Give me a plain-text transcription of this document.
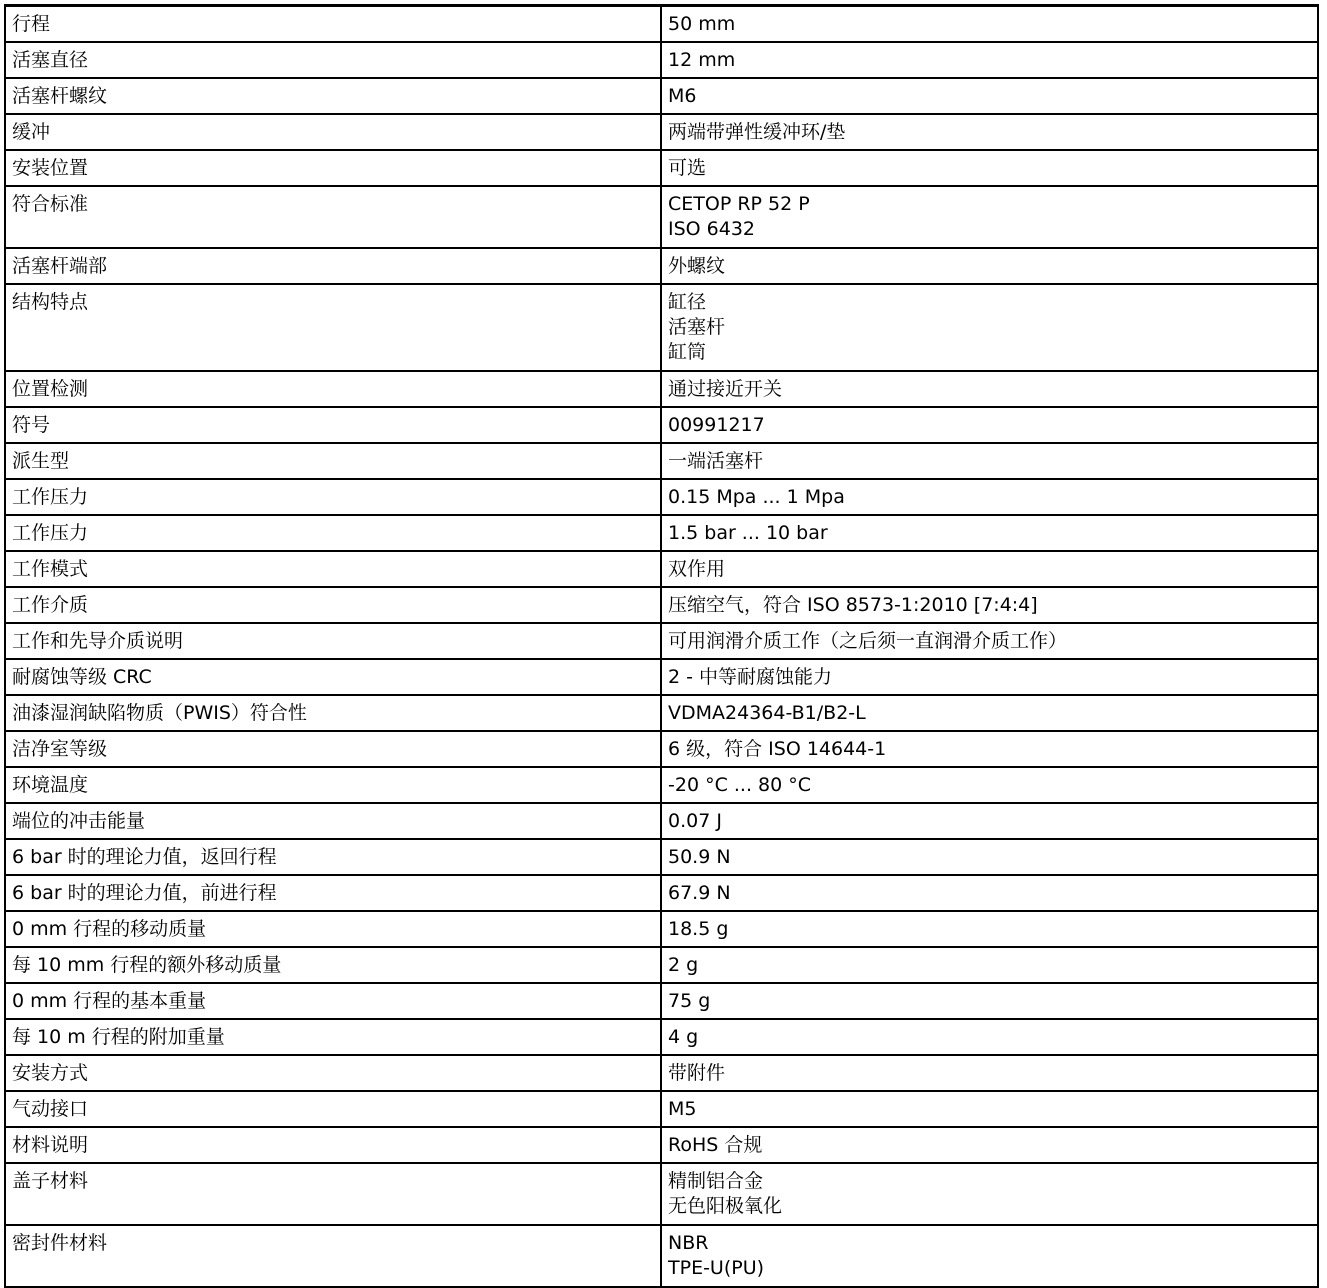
行程	50 mm

活塞直径	12 mm

活塞杆螺纹	M6

缓冲	两端带弹性缓冲环/垫

安装位置	可选

符合标准	CETOP RP 52 P
ISO 6432

活塞杆端部	外螺纹

结构特点	缸径
活塞杆
缸筒

位置检测	通过接近开关

符号	00991217

派生型	一端活塞杆

工作压力	0.15 Mpa ... 1 Mpa

工作压力	1.5 bar ... 10 bar

工作模式	双作用

工作介质	压缩空气，符合 ISO 8573-1:2010 [7:4:4]

工作和先导介质说明	可用润滑介质工作（之后须一直润滑介质工作）

耐腐蚀等级 CRC	2 - 中等耐腐蚀能力

油漆湿润缺陷物质（PWIS）符合性	VDMA24364-B1/B2-L

洁净室等级	6 级，符合 ISO 14644-1

环境温度	-20 °C ... 80 °C

端位的冲击能量	0.07 J

6 bar 时的理论力值，返回行程	50.9 N

6 bar 时的理论力值，前进行程	67.9 N

0 mm 行程的移动质量	18.5 g

每 10 mm 行程的额外移动质量	2 g

0 mm 行程的基本重量	75 g

每 10 m 行程的附加重量	4 g

安装方式	带附件

气动接口	M5

材料说明	RoHS 合规

盖子材料	精制铝合金
无色阳极氧化

密封件材料	NBR
TPE-U(PU)
